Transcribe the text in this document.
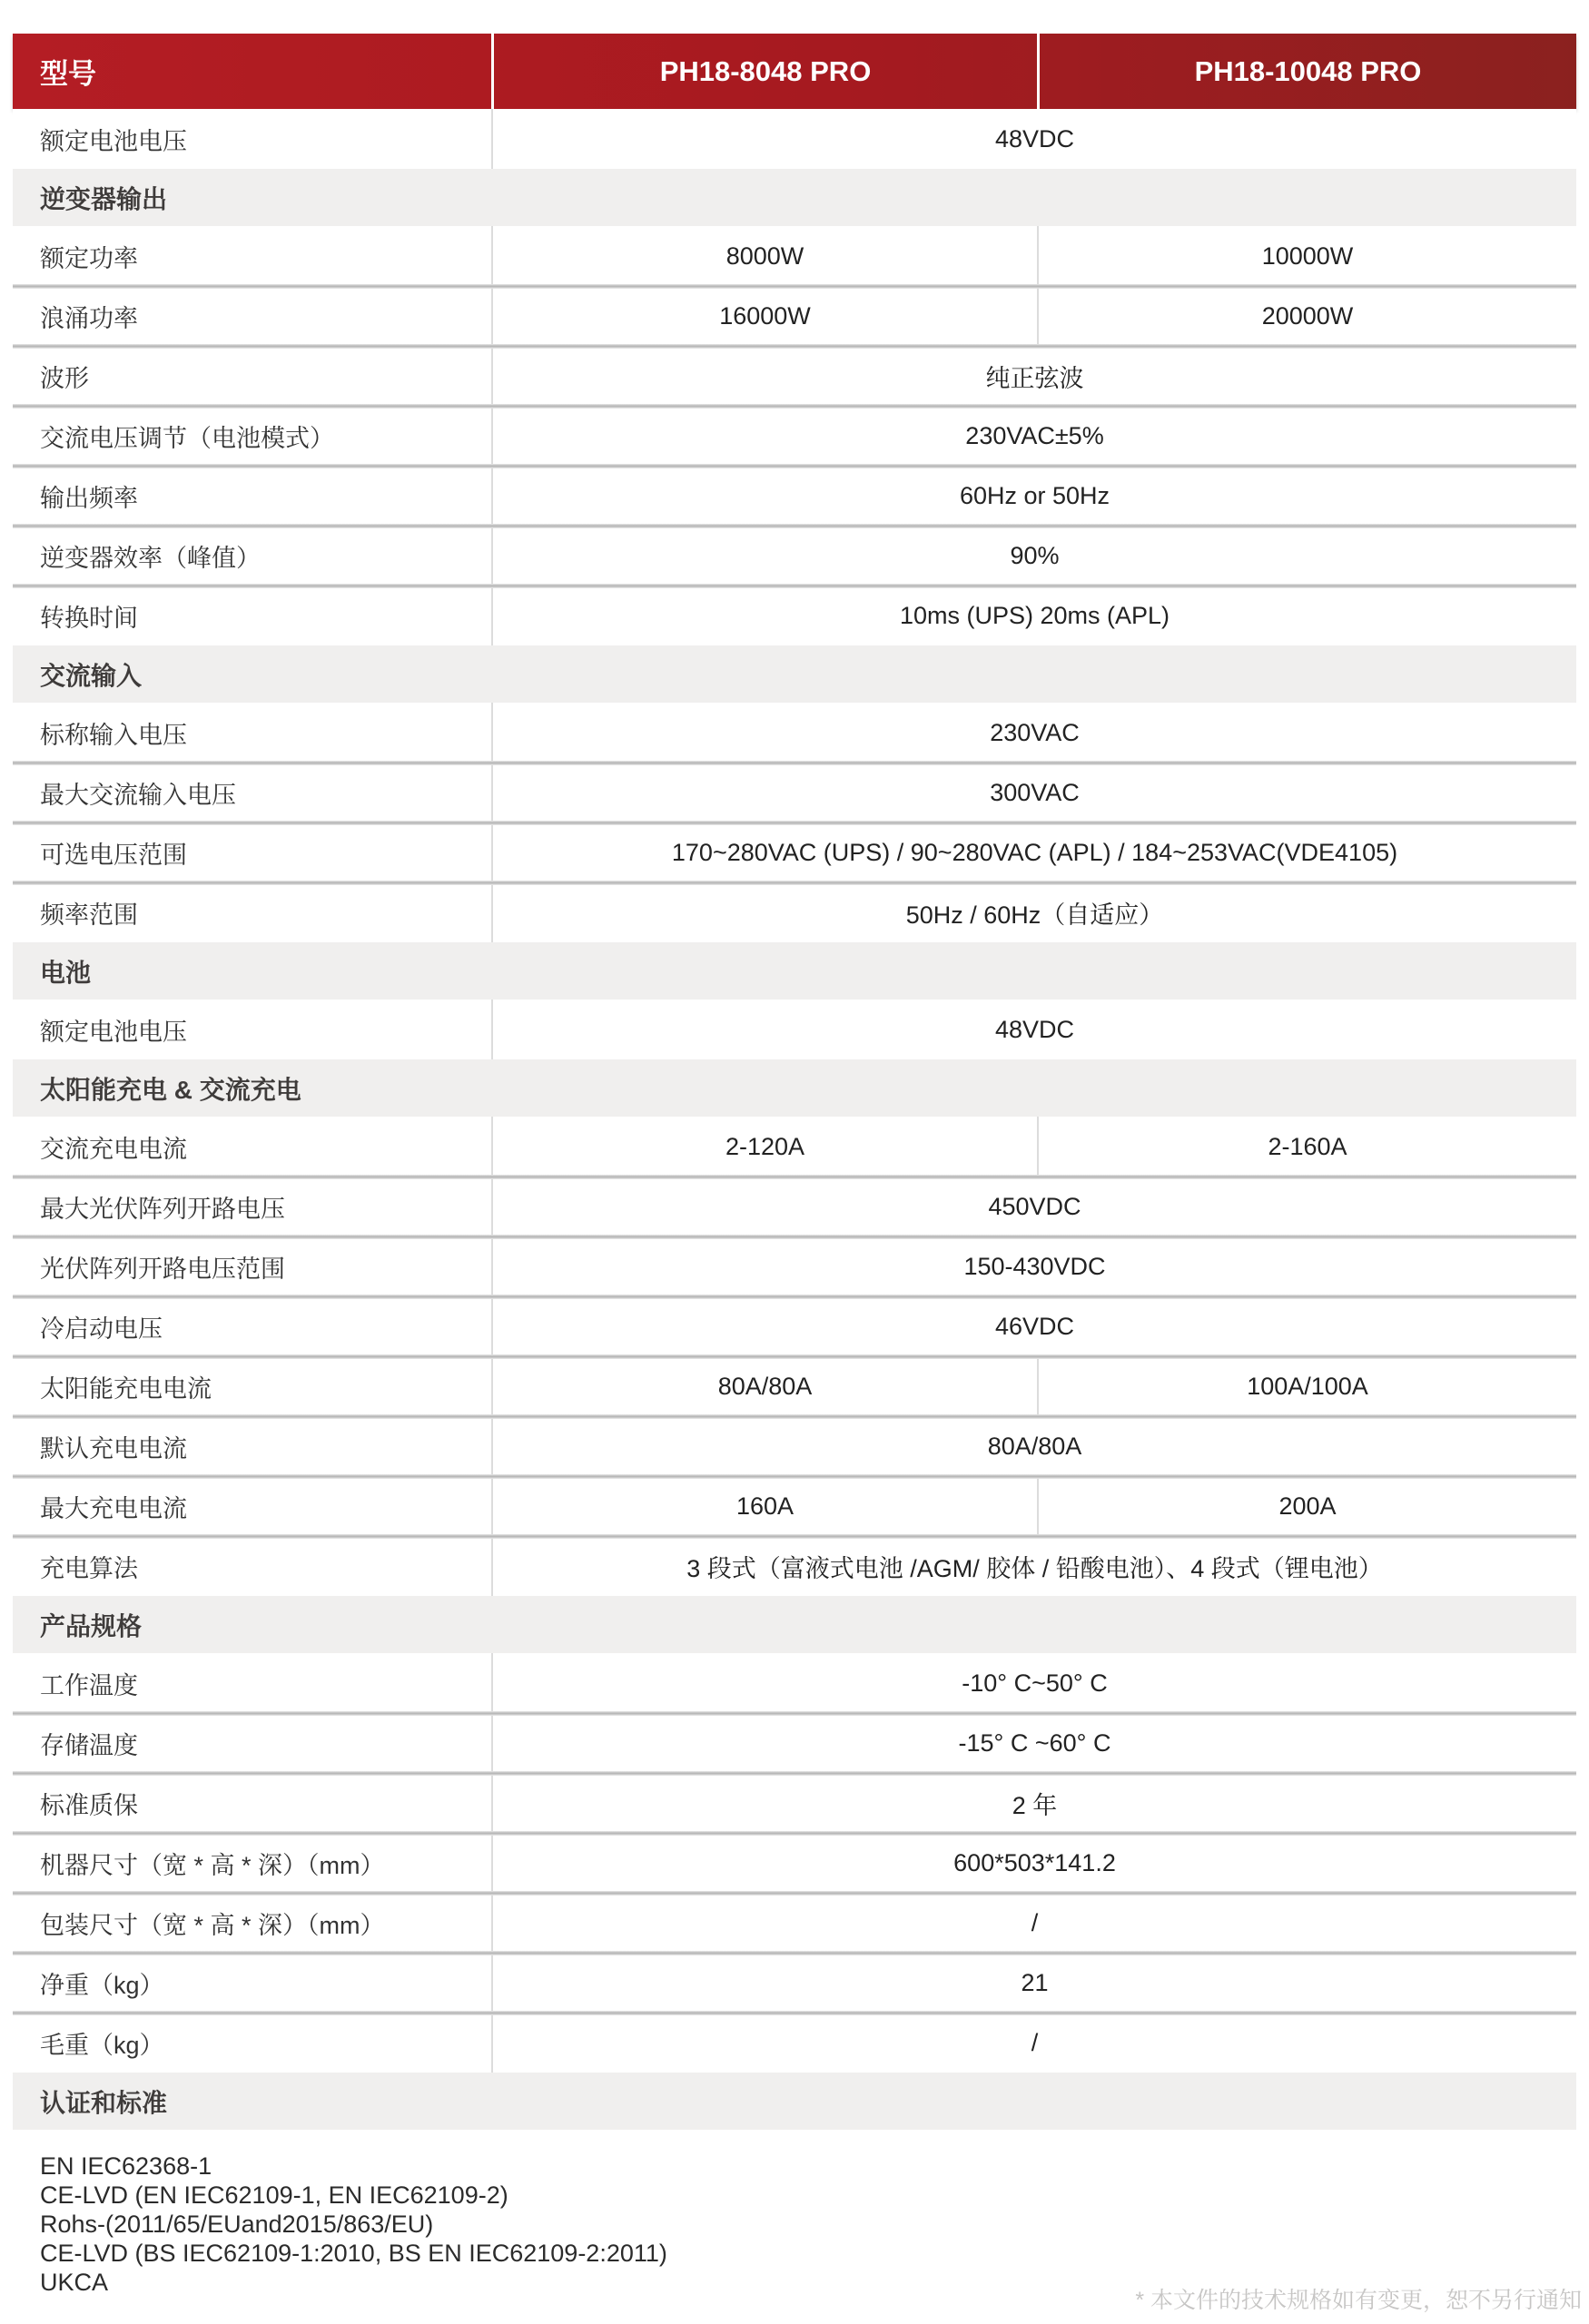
型号	PH18-8048 PRO	PH18-10048 PRO
额定电池电压	48VDC
逆变器输出
额定功率	8000W	10000W
浪涌功率	16000W	20000W
波形	纯正弦波
交流电压调节（电池模式）	230VAC±5%
输出频率	60Hz or 50Hz
逆变器效率（峰值）	90%
转换时间	10ms (UPS) 20ms (APL)
交流输入
标称输入电压	230VAC
最大交流输入电压	300VAC
可选电压范围	170~280VAC (UPS) / 90~280VAC (APL) / 184~253VAC(VDE4105)
频率范围	50Hz / 60Hz（自适应）
电池
额定电池电压	48VDC
太阳能充电 & 交流充电
交流充电电流	2-120A	2-160A
最大光伏阵列开路电压	450VDC
光伏阵列开路电压范围	150-430VDC
冷启动电压	46VDC
太阳能充电电流	80A/80A	100A/100A
默认充电电流	80A/80A
最大充电电流	160A	200A
充电算法	3 段式（富液式电池 /AGM/ 胶体 / 铅酸电池）、4 段式（锂电池）
产品规格
工作温度	-10° C~50° C
存储温度	-15° C ~60° C
标准质保	2 年
机器尺寸（宽 * 高 * 深）（mm）	600*503*141.2
包装尺寸（宽 * 高 * 深）（mm）	/
净重（kg）	21
毛重（kg）	/
认证和标准
EN IEC62368-1
CE-LVD (EN IEC62109-1, EN IEC62109-2)
Rohs-(2011/65/EUand2015/863/EU)
CE-LVD (BS IEC62109-1:2010, BS EN IEC62109-2:2011)
UKCA
* 本文件的技术规格如有变更，恕不另行通知
